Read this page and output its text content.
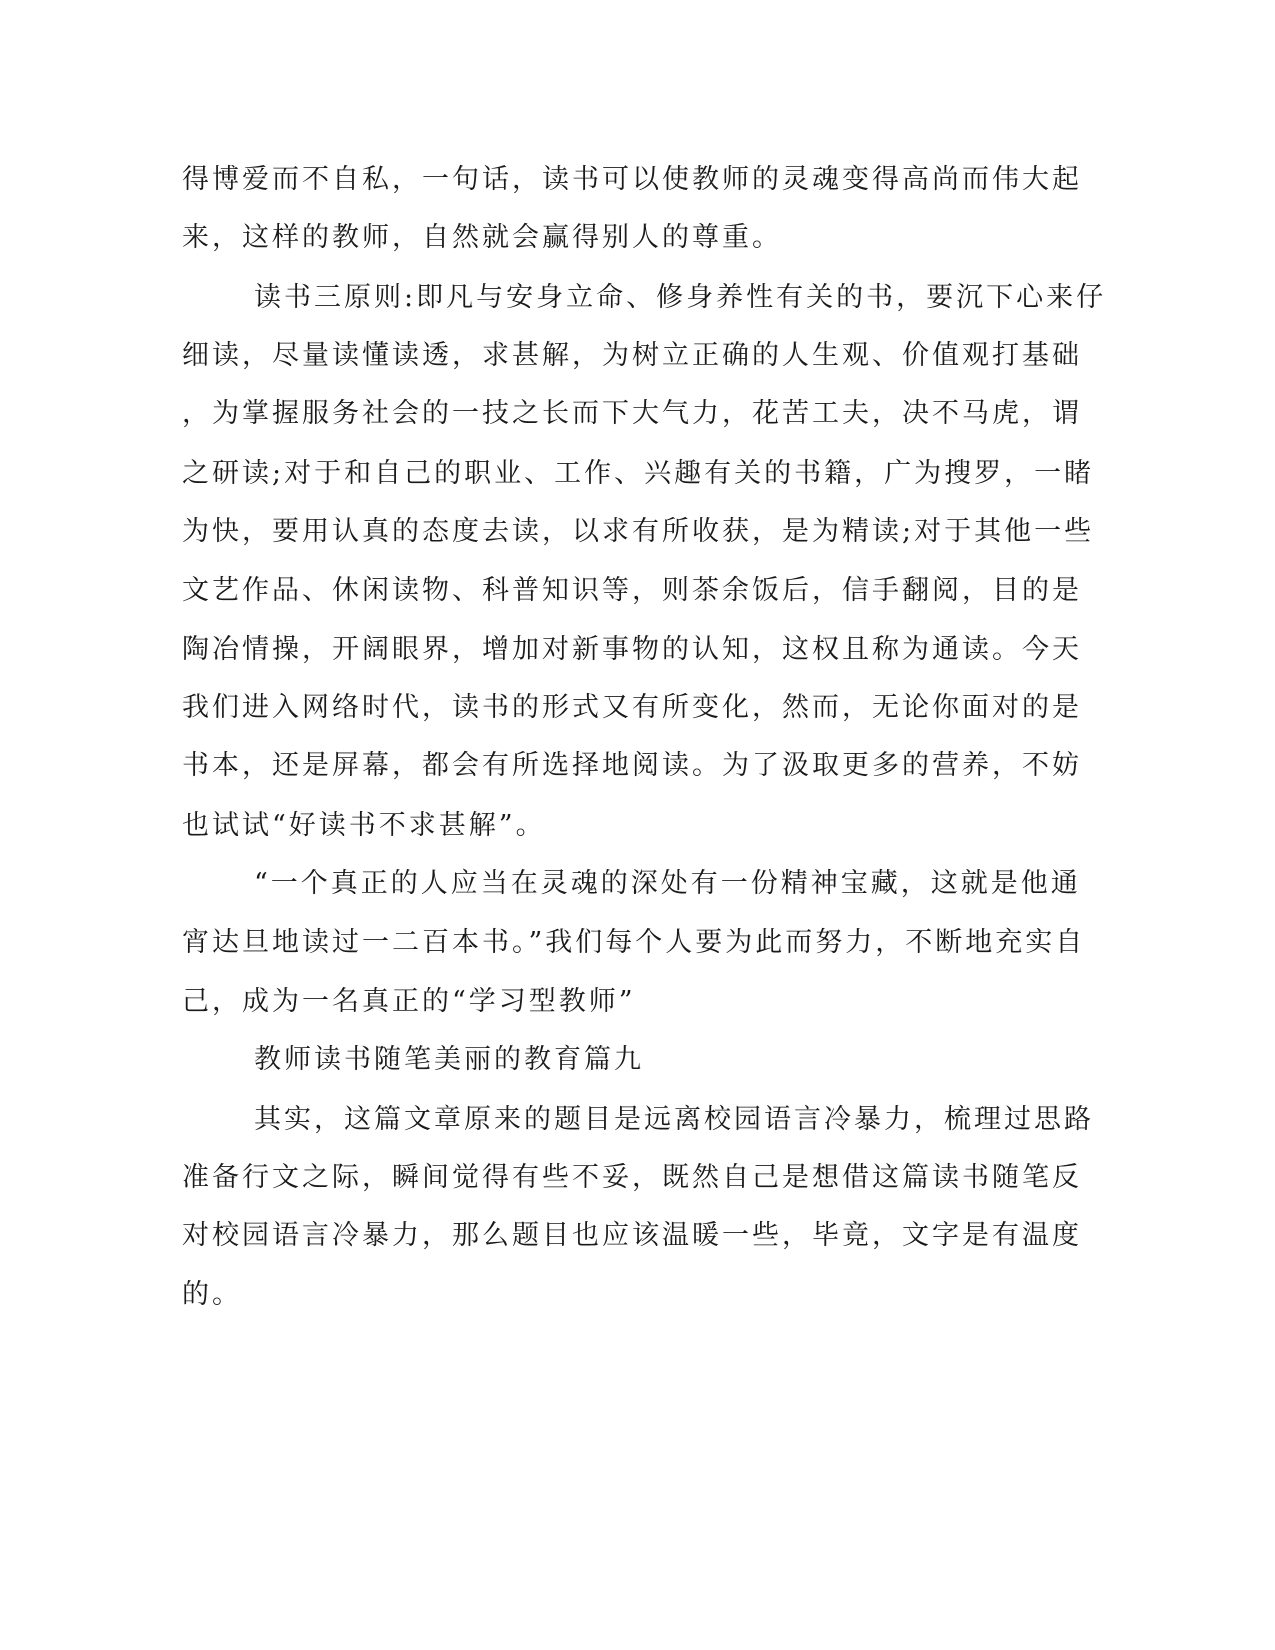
得博爱而不自私，一句话，读书可以使教师的灵魂变得高尚而伟大起
来，这样的教师，自然就会赢得别人的尊重。
读书三原则:即凡与安身立命、修身养性有关的书，要沉下心来仔
细读，尽量读懂读透，求甚解，为树立正确的人生观、价值观打基础
，为掌握服务社会的一技之长而下大气力，花苦工夫，决不马虎，谓
之研读;对于和自己的职业、工作、兴趣有关的书籍，广为搜罗，一睹
为快，要用认真的态度去读，以求有所收获，是为精读;对于其他一些
文艺作品、休闲读物、科普知识等，则茶余饭后，信手翻阅，目的是
陶冶情操，开阔眼界，增加对新事物的认知，这权且称为通读。今天
我们进入网络时代，读书的形式又有所变化，然而，无论你面对的是
书本，还是屏幕，都会有所选择地阅读。为了汲取更多的营养，不妨
也试试“好读书不求甚解”。
“一个真正的人应当在灵魂的深处有一份精神宝藏，这就是他通
宵达旦地读过一二百本书。”我们每个人要为此而努力，不断地充实自
己，成为一名真正的“学习型教师”
教师读书随笔美丽的教育篇九
其实，这篇文章原来的题目是远离校园语言冷暴力，梳理过思路
准备行文之际，瞬间觉得有些不妥，既然自己是想借这篇读书随笔反
对校园语言冷暴力，那么题目也应该温暖一些，毕竟，文字是有温度
的。
